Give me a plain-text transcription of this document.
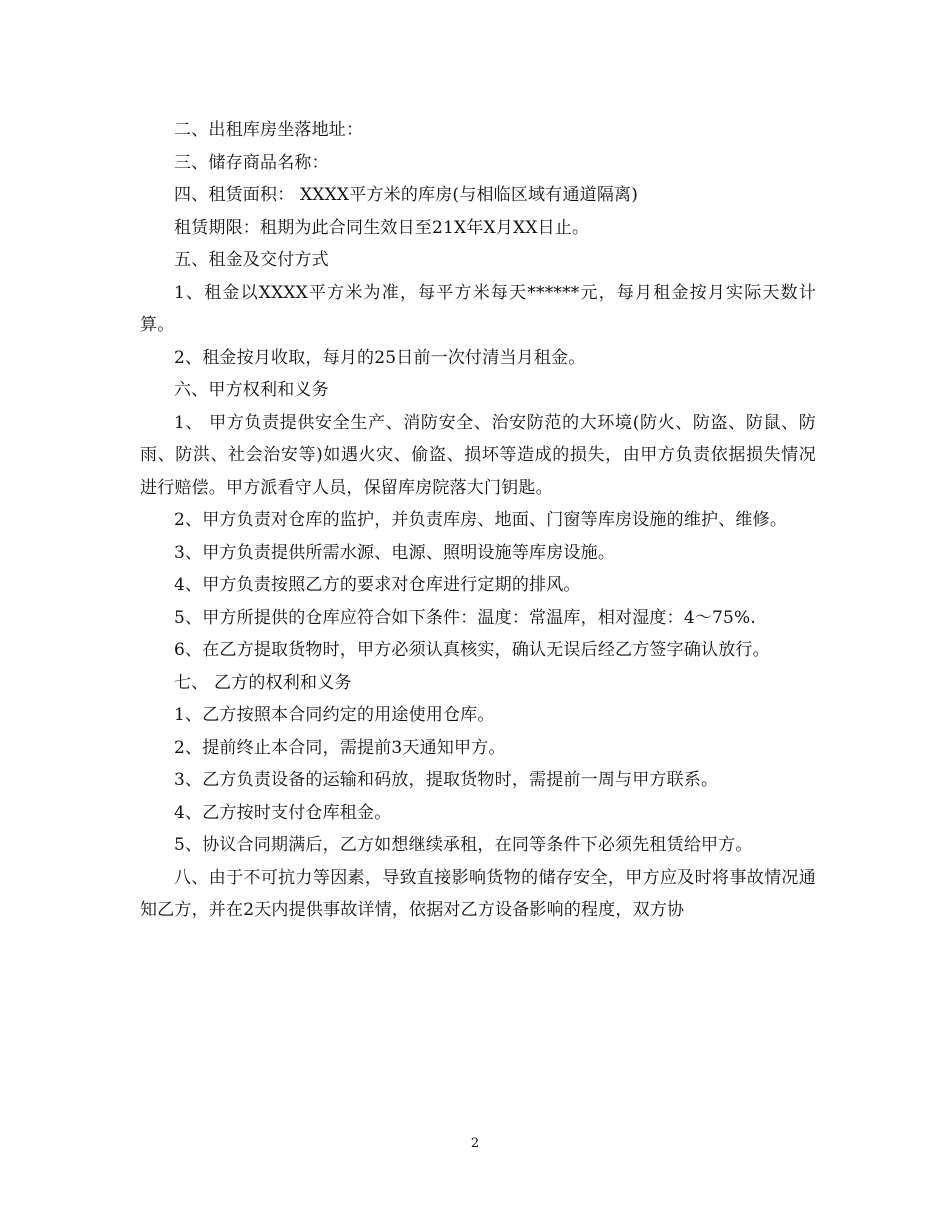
二、出租库房坐落地址：

三、储存商品名称：

四、租赁面积： XXXX平方米的库房(与相临区域有通道隔离)

租赁期限：租期为此合同生效日至21X年X月XX日止。

五、租金及交付方式

1、租金以XXXX平方米为准，每平方米每天******元，每月租金按月实际天数计算。

2、租金按月收取，每月的25日前一次付清当月租金。

六、甲方权利和义务

1、 甲方负责提供安全生产、消防安全、治安防范的大环境(防火、防盗、防鼠、防雨、防洪、社会治安等)如遇火灾、偷盗、损坏等造成的损失，由甲方负责依据损失情况进行赔偿。甲方派看守人员，保留库房院落大门钥匙。

2、甲方负责对仓库的监护，并负责库房、地面、门窗等库房设施的维护、维修。

3、甲方负责提供所需水源、电源、照明设施等库房设施。

4、甲方负责按照乙方的要求对仓库进行定期的排风。

5、甲方所提供的仓库应符合如下条件：温度：常温库，相对湿度：4～75%.

6、在乙方提取货物时，甲方必须认真核实，确认无误后经乙方签字确认放行。

七、 乙方的权利和义务

1、乙方按照本合同约定的用途使用仓库。

2、提前终止本合同，需提前3天通知甲方。

3、乙方负责设备的运输和码放，提取货物时，需提前一周与甲方联系。

4、乙方按时支付仓库租金。

5、协议合同期满后，乙方如想继续承租，在同等条件下必须先租赁给甲方。

八、由于不可抗力等因素，导致直接影响货物的储存安全，甲方应及时将事故情况通知乙方，并在2天内提供事故详情，依据对乙方设备影响的程度，双方协

2
